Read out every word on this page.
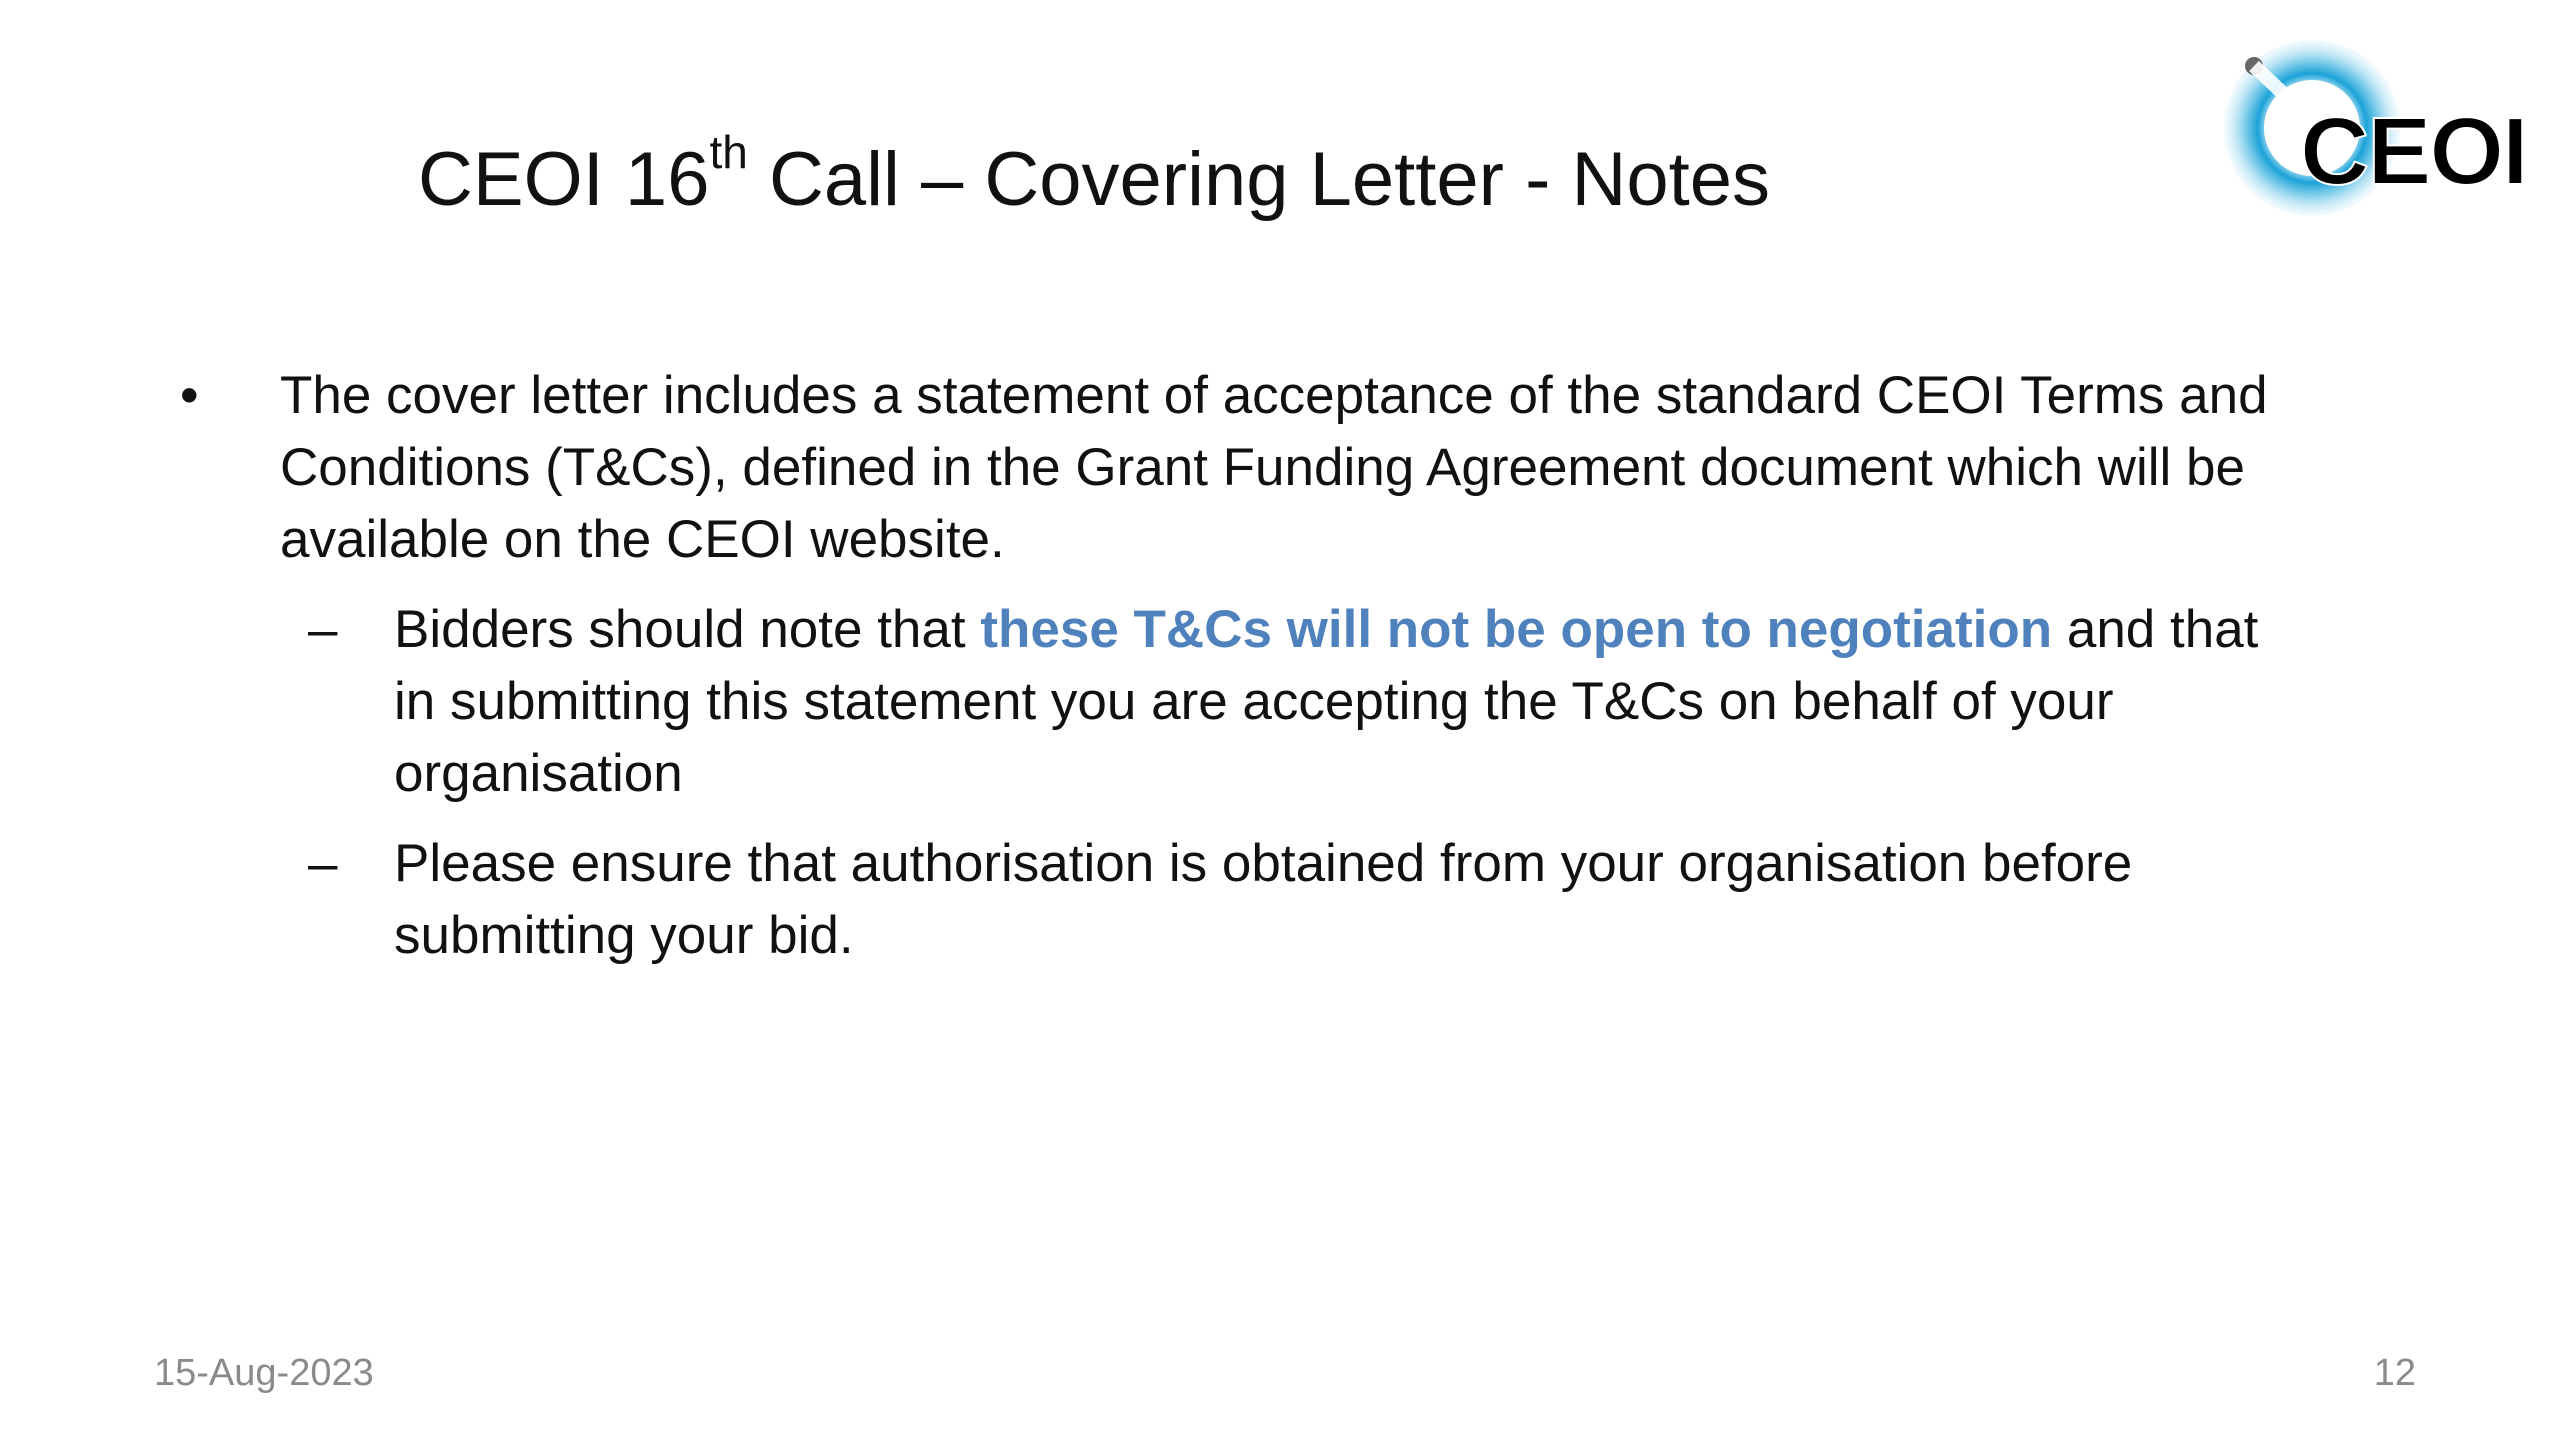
CEOI 16th Call – Covering Letter - Notes	CEOI
•	The cover letter includes a statement of acceptance of the standard CEOI Terms and Conditions (T&Cs), defined in the Grant Funding Agreement document which will be available on the CEOI website.
–	Bidders should note that these T&Cs will not be open to negotiation and that in submitting this statement you are accepting the T&Cs on behalf of your organisation
–	Please ensure that authorisation is obtained from your organisation before submitting your bid.
15-Aug-2023	12
